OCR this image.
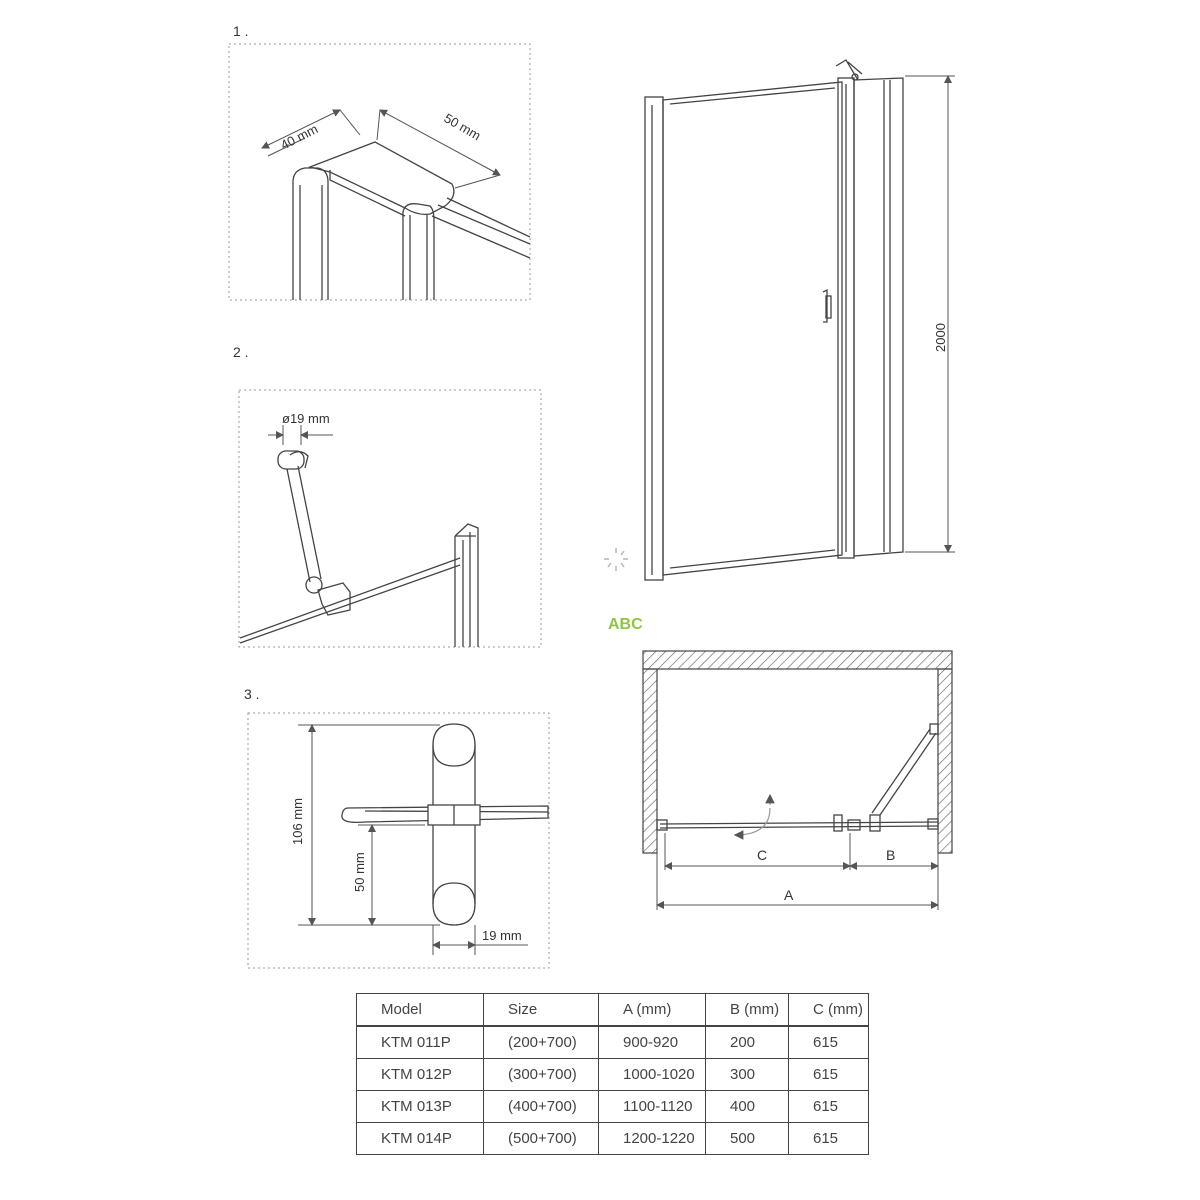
1 .
40 mm	50 mm
2 .
ø19 mm
3 .
106 mm
50 mm
19 mm
2000
ABC
C	B
A
Model	Size	A (mm)	B (mm)	C (mm)
KTM 011P	(200+700)	900-920	200	615
KTM 012P	(300+700)	1000-1020	300	615
KTM 013P	(400+700)	1100-1120	400	615
KTM 014P	(500+700)	1200-1220	500	615
